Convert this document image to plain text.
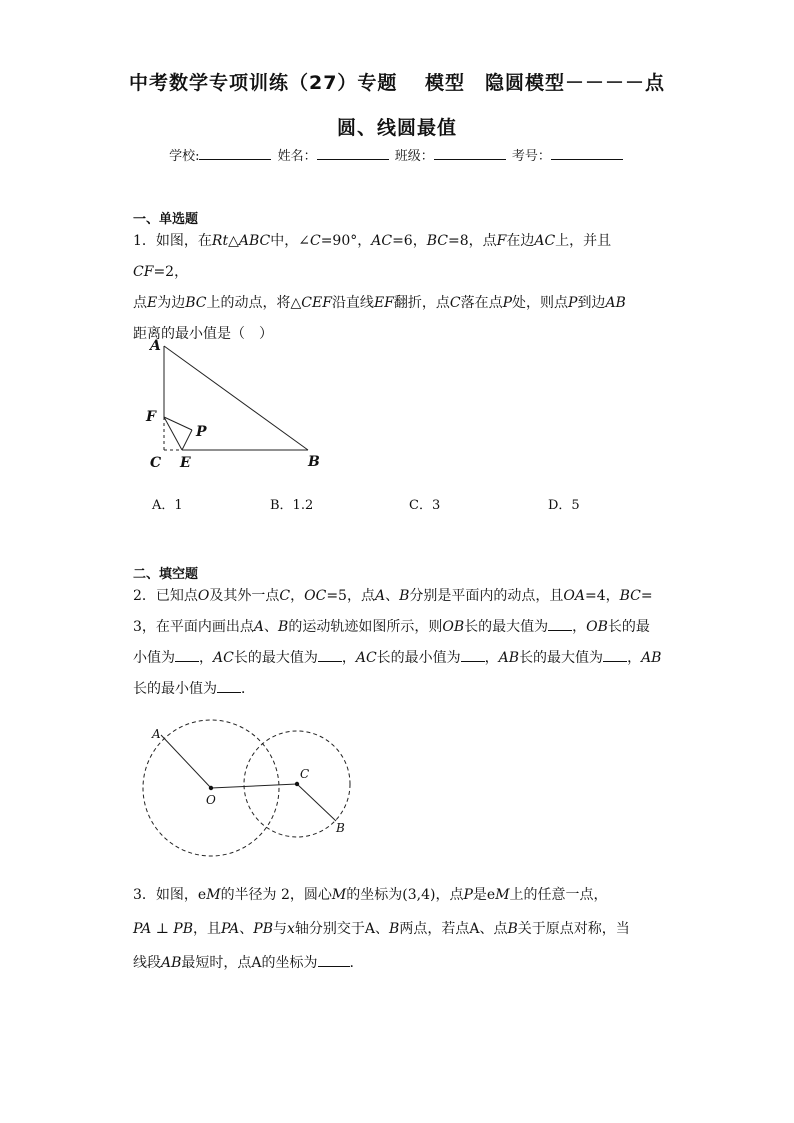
中考数学专项训练（27）专题　 模型　隐圆模型－－－－点
圆、线圆最值
学校:	姓名：	班级：	考号：
一、单选题
1．如图，在Rt△ABC中，∠C=90°，AC=6，BC=8，点F在边AC上，并且CF=2，
点E为边BC上的动点，将△CEF沿直线EF翻折，点C落在点P处，则点P到边AB
距离的最小值是（　）
A
F
P
C E	B
A．1	B．1.2	C．3	D．5
二、填空题
2．已知点O及其外一点C，OC=5，点A、B分别是平面内的动点，且OA=4，BC=
3，在平面内画出点A、B的运动轨迹如图所示，则OB长的最大值为 ，OB长的最
小值为 ，AC长的最大值为 ，AC长的最小值为 ，AB长的最大值为 ，AB
长的最小值为 ．
A
O
C
B
3．如图，eM的半径为 2，圆心M的坐标为(3,4)，点P是eM上的任意一点，
PA ⊥ PB，且PA、PB与x轴分别交于A、B两点，若点A、点B关于原点对称，当
线段AB最短时，点A的坐标为 .
